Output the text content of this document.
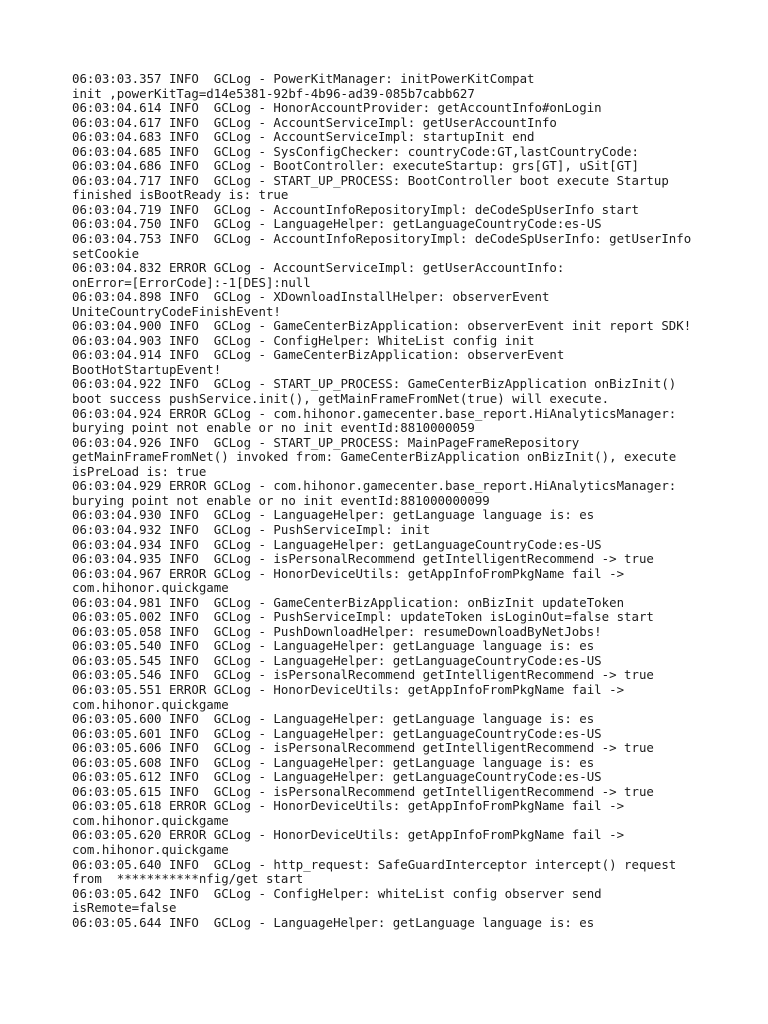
06:03:03.357 INFO  GCLog - PowerKitManager: initPowerKitCompat
init ,powerKitTag=d14e5381-92bf-4b96-ad39-085b7cabb627
06:03:04.614 INFO  GCLog - HonorAccountProvider: getAccountInfo#onLogin
06:03:04.617 INFO  GCLog - AccountServiceImpl: getUserAccountInfo
06:03:04.683 INFO  GCLog - AccountServiceImpl: startupInit end
06:03:04.685 INFO  GCLog - SysConfigChecker: countryCode:GT,lastCountryCode:
06:03:04.686 INFO  GCLog - BootController: executeStartup: grs[GT], uSit[GT]
06:03:04.717 INFO  GCLog - START_UP_PROCESS: BootController boot execute Startup
finished isBootReady is: true
06:03:04.719 INFO  GCLog - AccountInfoRepositoryImpl: deCodeSpUserInfo start
06:03:04.750 INFO  GCLog - LanguageHelper: getLanguageCountryCode:es-US
06:03:04.753 INFO  GCLog - AccountInfoRepositoryImpl: deCodeSpUserInfo: getUserInfo
setCookie
06:03:04.832 ERROR GCLog - AccountServiceImpl: getUserAccountInfo:
onError=[ErrorCode]:-1[DES]:null
06:03:04.898 INFO  GCLog - XDownloadInstallHelper: observerEvent
UniteCountryCodeFinishEvent!
06:03:04.900 INFO  GCLog - GameCenterBizApplication: observerEvent init report SDK!
06:03:04.903 INFO  GCLog - ConfigHelper: WhiteList config init
06:03:04.914 INFO  GCLog - GameCenterBizApplication: observerEvent
BootHotStartupEvent!
06:03:04.922 INFO  GCLog - START_UP_PROCESS: GameCenterBizApplication onBizInit()
boot success pushService.init(), getMainFrameFromNet(true) will execute.
06:03:04.924 ERROR GCLog - com.hihonor.gamecenter.base_report.HiAnalyticsManager:
burying point not enable or no init eventId:8810000059
06:03:04.926 INFO  GCLog - START_UP_PROCESS: MainPageFrameRepository
getMainFrameFromNet() invoked from: GameCenterBizApplication onBizInit(), execute
isPreLoad is: true
06:03:04.929 ERROR GCLog - com.hihonor.gamecenter.base_report.HiAnalyticsManager:
burying point not enable or no init eventId:881000000099
06:03:04.930 INFO  GCLog - LanguageHelper: getLanguage language is: es
06:03:04.932 INFO  GCLog - PushServiceImpl: init
06:03:04.934 INFO  GCLog - LanguageHelper: getLanguageCountryCode:es-US
06:03:04.935 INFO  GCLog - isPersonalRecommend getIntelligentRecommend -> true
06:03:04.967 ERROR GCLog - HonorDeviceUtils: getAppInfoFromPkgName fail ->
com.hihonor.quickgame
06:03:04.981 INFO  GCLog - GameCenterBizApplication: onBizInit updateToken
06:03:05.002 INFO  GCLog - PushServiceImpl: updateToken isLoginOut=false start
06:03:05.058 INFO  GCLog - PushDownloadHelper: resumeDownloadByNetJobs!
06:03:05.540 INFO  GCLog - LanguageHelper: getLanguage language is: es
06:03:05.545 INFO  GCLog - LanguageHelper: getLanguageCountryCode:es-US
06:03:05.546 INFO  GCLog - isPersonalRecommend getIntelligentRecommend -> true
06:03:05.551 ERROR GCLog - HonorDeviceUtils: getAppInfoFromPkgName fail ->
com.hihonor.quickgame
06:03:05.600 INFO  GCLog - LanguageHelper: getLanguage language is: es
06:03:05.601 INFO  GCLog - LanguageHelper: getLanguageCountryCode:es-US
06:03:05.606 INFO  GCLog - isPersonalRecommend getIntelligentRecommend -> true
06:03:05.608 INFO  GCLog - LanguageHelper: getLanguage language is: es
06:03:05.612 INFO  GCLog - LanguageHelper: getLanguageCountryCode:es-US
06:03:05.615 INFO  GCLog - isPersonalRecommend getIntelligentRecommend -> true
06:03:05.618 ERROR GCLog - HonorDeviceUtils: getAppInfoFromPkgName fail ->
com.hihonor.quickgame
06:03:05.620 ERROR GCLog - HonorDeviceUtils: getAppInfoFromPkgName fail ->
com.hihonor.quickgame
06:03:05.640 INFO  GCLog - http_request: SafeGuardInterceptor intercept() request
from  ***********nfig/get start
06:03:05.642 INFO  GCLog - ConfigHelper: whiteList config observer send
isRemote=false
06:03:05.644 INFO  GCLog - LanguageHelper: getLanguage language is: es
